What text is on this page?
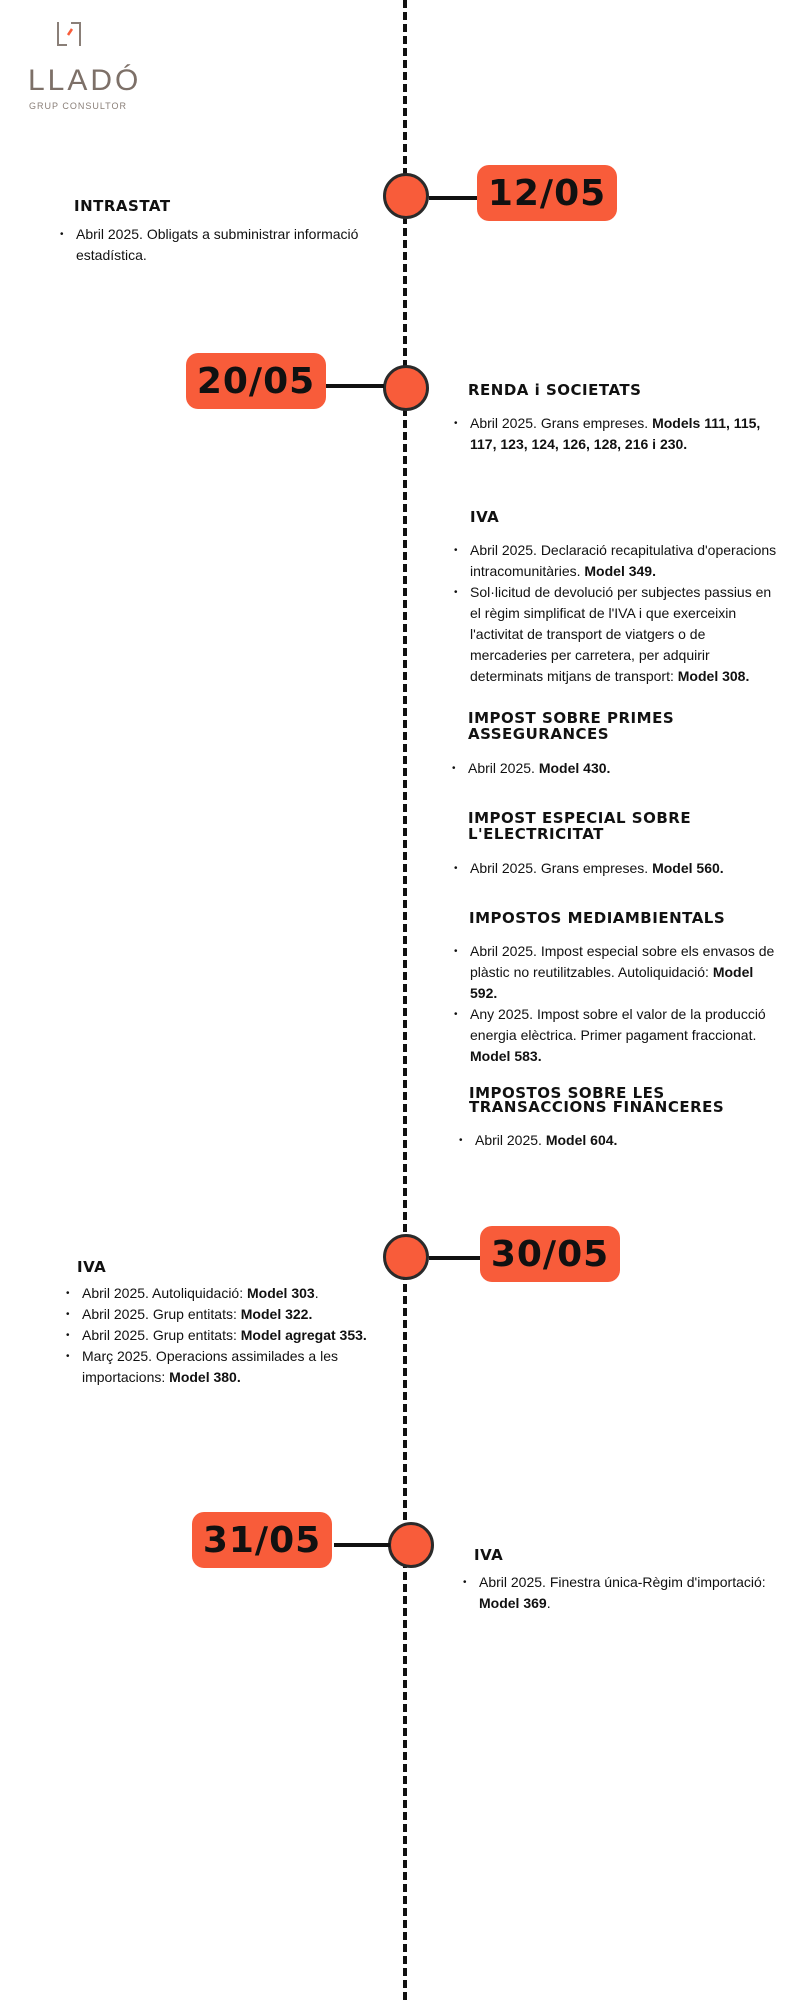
LLADÓ
GRUP CONSULTOR
12/05
INTRASTAT
• Abril 2025. Obligats a subministrar informació estadística.
20/05	RENDA i SOCIETATS
• Abril 2025. Grans empreses. Models 111, 115, 117, 123, 124, 126, 128, 216 i 230.
IVA
• Abril 2025. Declaració recapitulativa d'operacions intracomunitàries. Model 349.
• Sol·licitud de devolució per subjectes passius en el règim simplificat de l'IVA i que exerceixin l'activitat de transport de viatgers o de mercaderies per carretera, per adquirir determinats mitjans de transport: Model 308.
IMPOST SOBRE PRIMES ASSEGURANCES
• Abril 2025. Model 430.
IMPOST ESPECIAL SOBRE L'ELECTRICITAT
• Abril 2025. Grans empreses. Model 560.
IMPOSTOS MEDIAMBIENTALS
• Abril 2025. Impost especial sobre els envasos de plàstic no reutilitzables. Autoliquidació: Model 592.
• Any 2025. Impost sobre el valor de la producció energia elèctrica. Primer pagament fraccionat. Model 583.
IMPOSTOS SOBRE LES TRANSACCIONS FINANCERES
• Abril 2025. Model 604.
30/05
IVA
• Abril 2025. Autoliquidació: Model 303.
• Abril 2025. Grup entitats: Model 322.
• Abril 2025. Grup entitats: Model agregat 353.
• Març 2025. Operacions assimilades a les importacions: Model 380.
31/05	IVA
• Abril 2025. Finestra única-Règim d'importació: Model 369.
